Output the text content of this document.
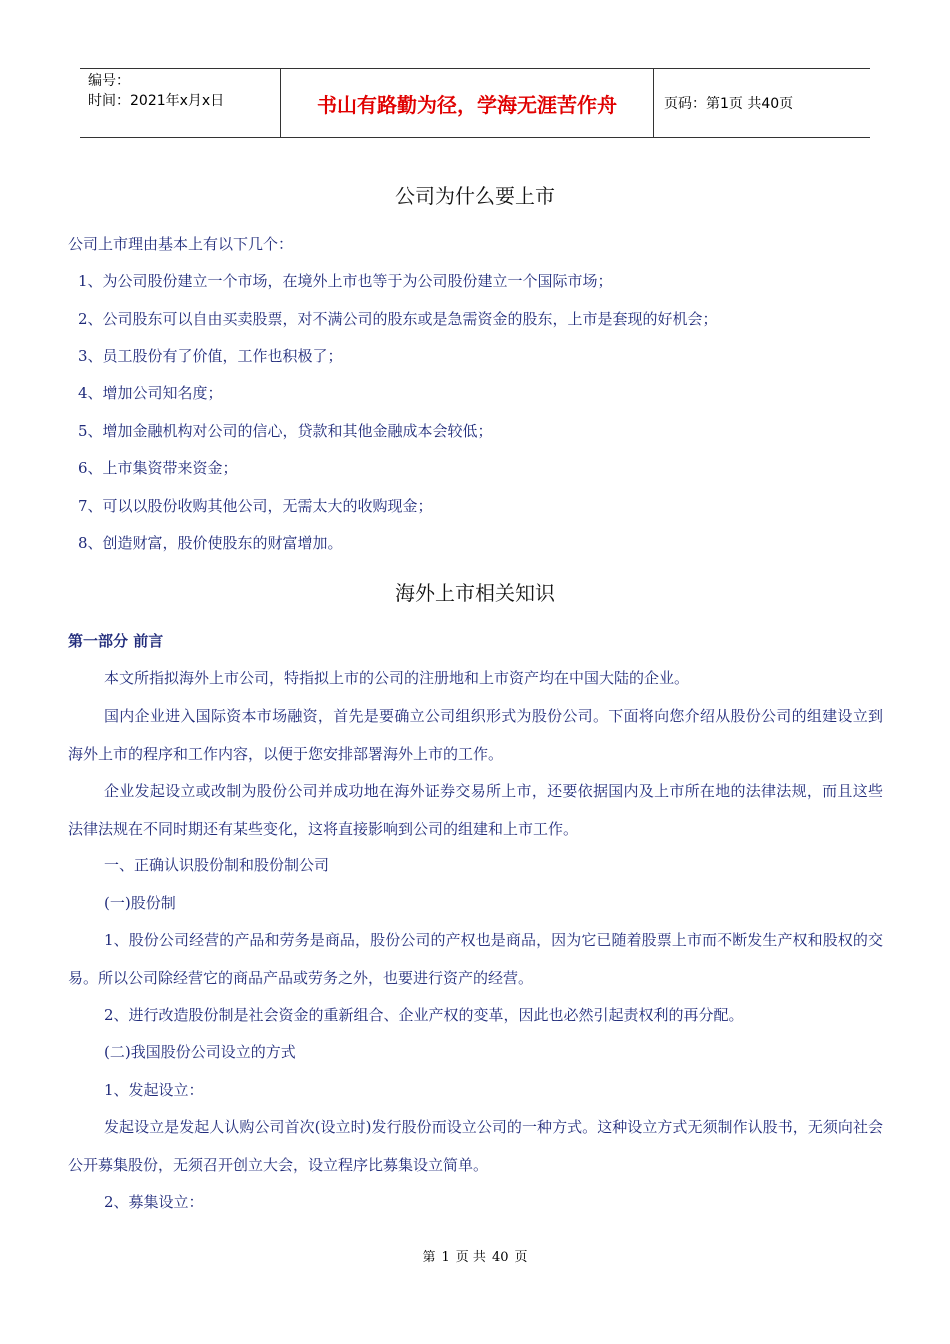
编号：
时间：2021年x月x日	书山有路勤为径，学海无涯苦作舟	页码：第1页 共40页
公司为什么要上市
公司上市理由基本上有以下几个：
1、为公司股份建立一个市场，在境外上市也等于为公司股份建立一个国际市场；
2、公司股东可以自由买卖股票，对不满公司的股东或是急需资金的股东，上市是套现的好机会；
3、员工股份有了价值，工作也积极了；
4、增加公司知名度；
5、增加金融机构对公司的信心，贷款和其他金融成本会较低；
6、上市集资带来资金；
7、可以以股份收购其他公司，无需太大的收购现金；
8、创造财富，股价使股东的财富增加。
海外上市相关知识
第一部分 前言

本文所指拟海外上市公司，特指拟上市的公司的注册地和上市资产均在中国大陆的企业。

国内企业进入国际资本市场融资，首先是要确立公司组织形式为股份公司。下面将向您介绍从股份公司的组建设立到海外上市的程序和工作内容，以便于您安排部署海外上市的工作。

企业发起设立或改制为股份公司并成功地在海外证券交易所上市，还要依据国内及上市所在地的法律法规，而且这些法律法规在不同时期还有某些变化，这将直接影响到公司的组建和上市工作。

一、正确认识股份制和股份制公司

(一)股份制

1、股份公司经营的产品和劳务是商品，股份公司的产权也是商品，因为它已随着股票上市而不断发生产权和股权的交易。所以公司除经营它的商品产品或劳务之外，也要进行资产的经营。

2、进行改造股份制是社会资金的重新组合、企业产权的变革，因此也必然引起责权利的再分配。

(二)我国股份公司设立的方式

1、发起设立：

发起设立是发起人认购公司首次(设立时)发行股份而设立公司的一种方式。这种设立方式无须制作认股书，无须向社会公开募集股份，无须召开创立大会，设立程序比募集设立简单。

2、募集设立：

第 1 页 共 40 页
